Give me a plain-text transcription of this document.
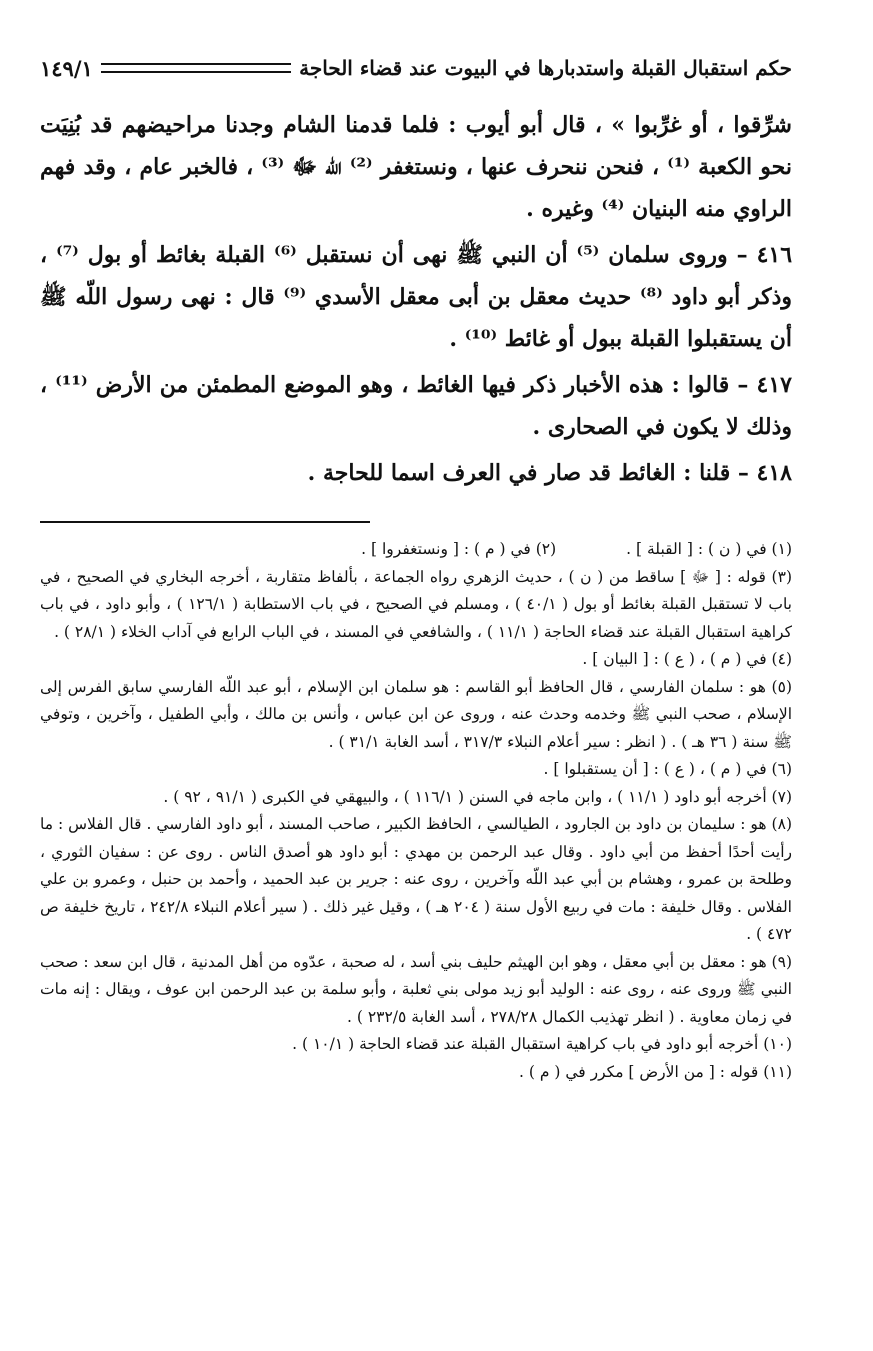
حكم استقبال القبلة واستدبارها في البيوت عند قضاء الحاجة
١٤٩/١

شرِّقوا ، أو غرِّبوا » ، قال أبو أيوب : فلما قدمنا الشام وجدنا مراحيضهم قد بُنِيَت نحو الكعبة ⁽¹⁾ ، فنحن ننحرف عنها ، ونستغفر ⁽²⁾ اللّه ﷻ ⁽³⁾ ، فالخبر عام ، وقد فهم الراوي منه البنيان ⁽⁴⁾ وغيره .

٤١٦ – وروى سلمان ⁽⁵⁾ أن النبي ﷺ نهى أن نستقبل ⁽⁶⁾ القبلة بغائط أو بول ⁽⁷⁾ ، وذكر أبو داود ⁽⁸⁾ حديث معقل بن أبى معقل الأسدي ⁽⁹⁾ قال : نهى رسول اللّه ﷺ أن يستقبلوا القبلة ببول أو غائط ⁽¹⁰⁾ .

٤١٧ – قالوا : هذه الأخبار ذكر فيها الغائط ، وهو الموضع المطمئن من الأرض ⁽¹¹⁾ ، وذلك لا يكون في الصحارى .

٤١٨ – قلنا : الغائط قد صار في العرف اسما للحاجة .

(١) في ( ن ) : [ القبلة ] .

(٢) في ( م ) : [ ونستغفروا ] .

(٣) قوله : [ ﷻ ] ساقط من ( ن ) ، حديث الزهري رواه الجماعة ، بألفاظ متقاربة ، أخرجه البخاري في الصحيح ، في باب لا تستقبل القبلة بغائط أو بول ( ٤٠/١ ) ، ومسلم في الصحيح ، في باب الاستطابة ( ١٢٦/١ ) ، وأبو داود ، في باب كراهية استقبال القبلة عند قضاء الحاجة ( ١١/١ ) ، والشافعي في المسند ، في الباب الرابع في آداب الخلاء ( ٢٨/١ ) .

(٤) في ( م ) ، ( ع ) : [ البيان ] .

(٥) هو : سلمان الفارسي ، قال الحافظ أبو القاسم : هو سلمان ابن الإسلام ، أبو عبد اللّه الفارسي سابق الفرس إلى الإسلام ، صحب النبي ﷺ وخدمه وحدث عنه ، وروى عن ابن عباس ، وأنس بن مالك ، وأبي الطفيل ، وآخرين ، وتوفي ﷺ سنة ( ٣٦ هـ ) . ( انظر : سير أعلام النبلاء ٣١٧/٣ ، أسد الغابة ٣١/١ ) .

(٦) في ( م ) ، ( ع ) : [ أن يستقبلوا ] .

(٧) أخرجه أبو داود ( ١١/١ ) ، وابن ماجه في السنن ( ١١٦/١ ) ، والبيهقي في الكبرى ( ٩١/١ ، ٩٢ ) .

(٨) هو : سليمان بن داود بن الجارود ، الطيالسي ، الحافظ الكبير ، صاحب المسند ، أبو داود الفارسي . قال الفلاس : ما رأيت أحدًا أحفظ من أبي داود . وقال عبد الرحمن بن مهدي : أبو داود هو أصدق الناس . روى عن : سفيان الثوري ، وطلحة بن عمرو ، وهشام بن أبي عبد اللّه وآخرين ، روى عنه : جرير بن عبد الحميد ، وأحمد بن حنبل ، وعمرو بن علي الفلاس . وقال خليفة : مات في ربيع الأول سنة ( ٢٠٤ هـ ) ، وقيل غير ذلك . ( سير أعلام النبلاء ٢٤٢/٨ ، تاريخ خليفة ص ٤٧٢ ) .

(٩) هو : معقل بن أبي معقل ، وهو ابن الهيثم حليف بني أسد ، له صحبة ، عدّوه من أهل المدنية ، قال ابن سعد : صحب النبي ﷺ وروى عنه ، روى عنه : الوليد أبو زيد مولى بني ثعلبة ، وأبو سلمة بن عبد الرحمن ابن عوف ، ويقال : إنه مات في زمان معاوية . ( انظر تهذيب الكمال ٢٧٨/٢٨ ، أسد الغابة ٢٣٢/٥ ) .

(١٠) أخرجه أبو داود في باب كراهية استقبال القبلة عند قضاء الحاجة ( ١٠/١ ) .

(١١) قوله : [ من الأرض ] مكرر في ( م ) .
